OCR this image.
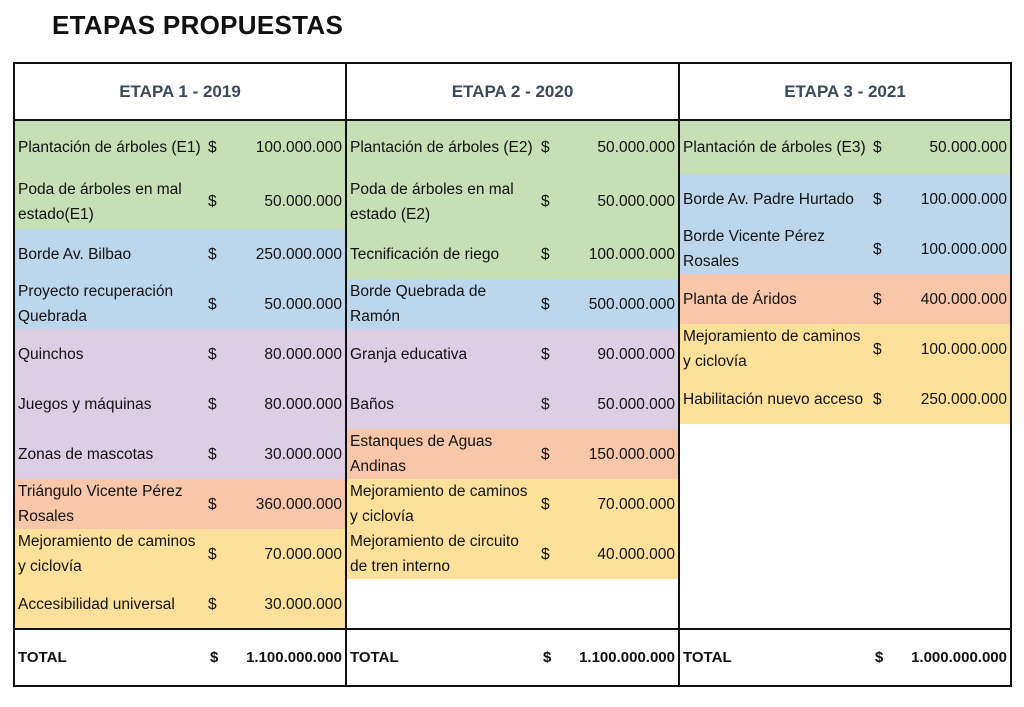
ETAPAS PROPUESTAS
ETAPA 1 - 2019
Plantación de árboles (E1) $	100.000.000
Poda de árboles en mal estado(E1)
$	50.000.000
Borde Av. Bilbao	$	250.000.000
Proyecto recuperación Quebrada
$	50.000.000
Quinchos	$	80.000.000
Juegos y máquinas	$	80.000.000
Zonas de mascotas	$	30.000.000
Triángulo Vicente Pérez Rosales
$	360.000.000
Mejoramiento de caminos y ciclovía
$	70.000.000
Accesibilidad universal	$	30.000.000
TOTAL	$	1.100.000.000
ETAPA 2 - 2020
Plantación de árboles (E2) $	50.000.000
Poda de árboles en mal estado (E2)
$	50.000.000
Tecnificación de riego	$	100.000.000
Borde Quebrada de Ramón
$	500.000.000
Granja educativa	$	90.000.000
Baños	$	50.000.000
Estanques de Aguas Andinas
$	150.000.000
Mejoramiento de caminos y ciclovía
$	70.000.000
Mejoramiento de circuito de tren interno
$	40.000.000
TOTAL	$	1.100.000.000
ETAPA 3 - 2021
Plantación de árboles (E3) $	50.000.000
Borde Av. Padre Hurtado	$	100.000.000
Borde Vicente Pérez Rosales
$	100.000.000
Planta de Áridos	$	400.000.000
Mejoramiento de caminos y ciclovía
$	100.000.000
Habilitación nuevo acceso $	250.000.000
TOTAL	$	1.000.000.000
